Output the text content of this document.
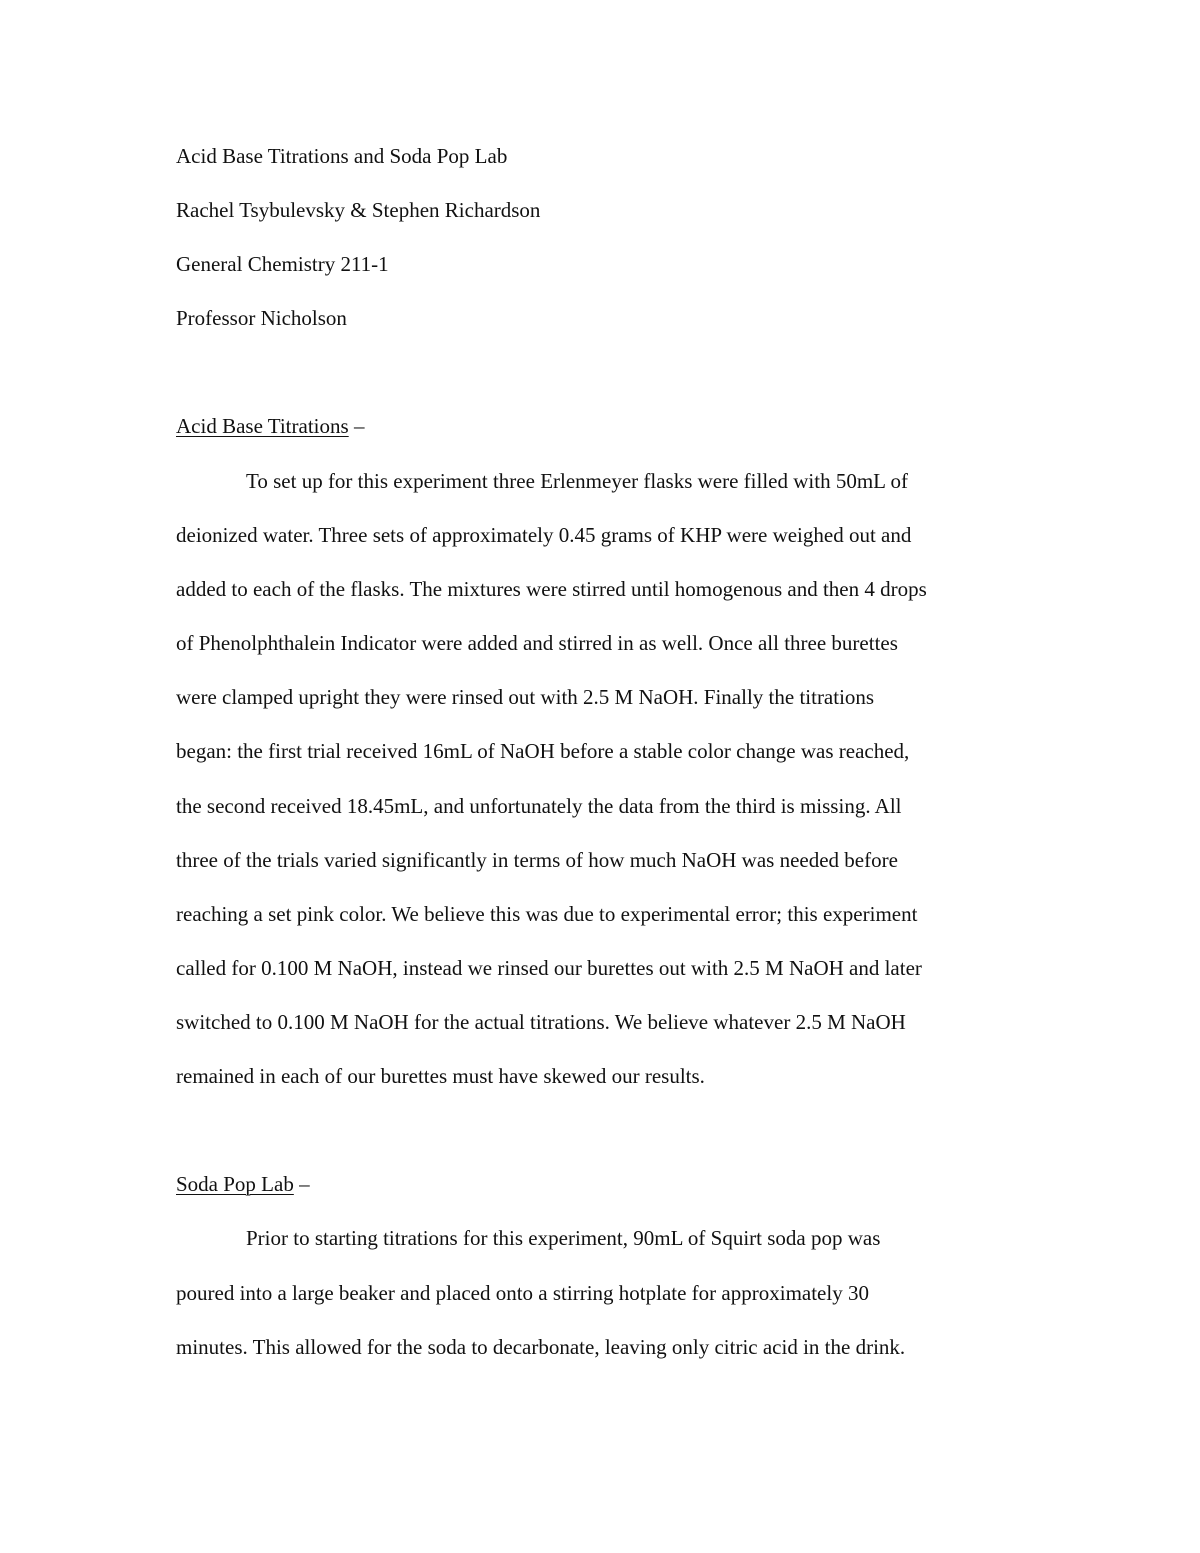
Acid Base Titrations and Soda Pop Lab
Rachel Tsybulevsky & Stephen Richardson
General Chemistry 211-1
Professor Nicholson
Acid Base Titrations –
To set up for this experiment three Erlenmeyer flasks were filled with 50mL of
deionized water. Three sets of approximately 0.45 grams of KHP were weighed out and
added to each of the flasks. The mixtures were stirred until homogenous and then 4 drops
of Phenolphthalein Indicator were added and stirred in as well. Once all three burettes
were clamped upright they were rinsed out with 2.5 M NaOH. Finally the titrations
began: the first trial received 16mL of NaOH before a stable color change was reached,
the second received 18.45mL, and unfortunately the data from the third is missing. All
three of the trials varied significantly in terms of how much NaOH was needed before
reaching a set pink color. We believe this was due to experimental error; this experiment
called for 0.100 M NaOH, instead we rinsed our burettes out with 2.5 M NaOH and later
switched to 0.100 M NaOH for the actual titrations. We believe whatever 2.5 M NaOH
remained in each of our burettes must have skewed our results.
Soda Pop Lab –
Prior to starting titrations for this experiment, 90mL of Squirt soda pop was
poured into a large beaker and placed onto a stirring hotplate for approximately 30
minutes. This allowed for the soda to decarbonate, leaving only citric acid in the drink.
